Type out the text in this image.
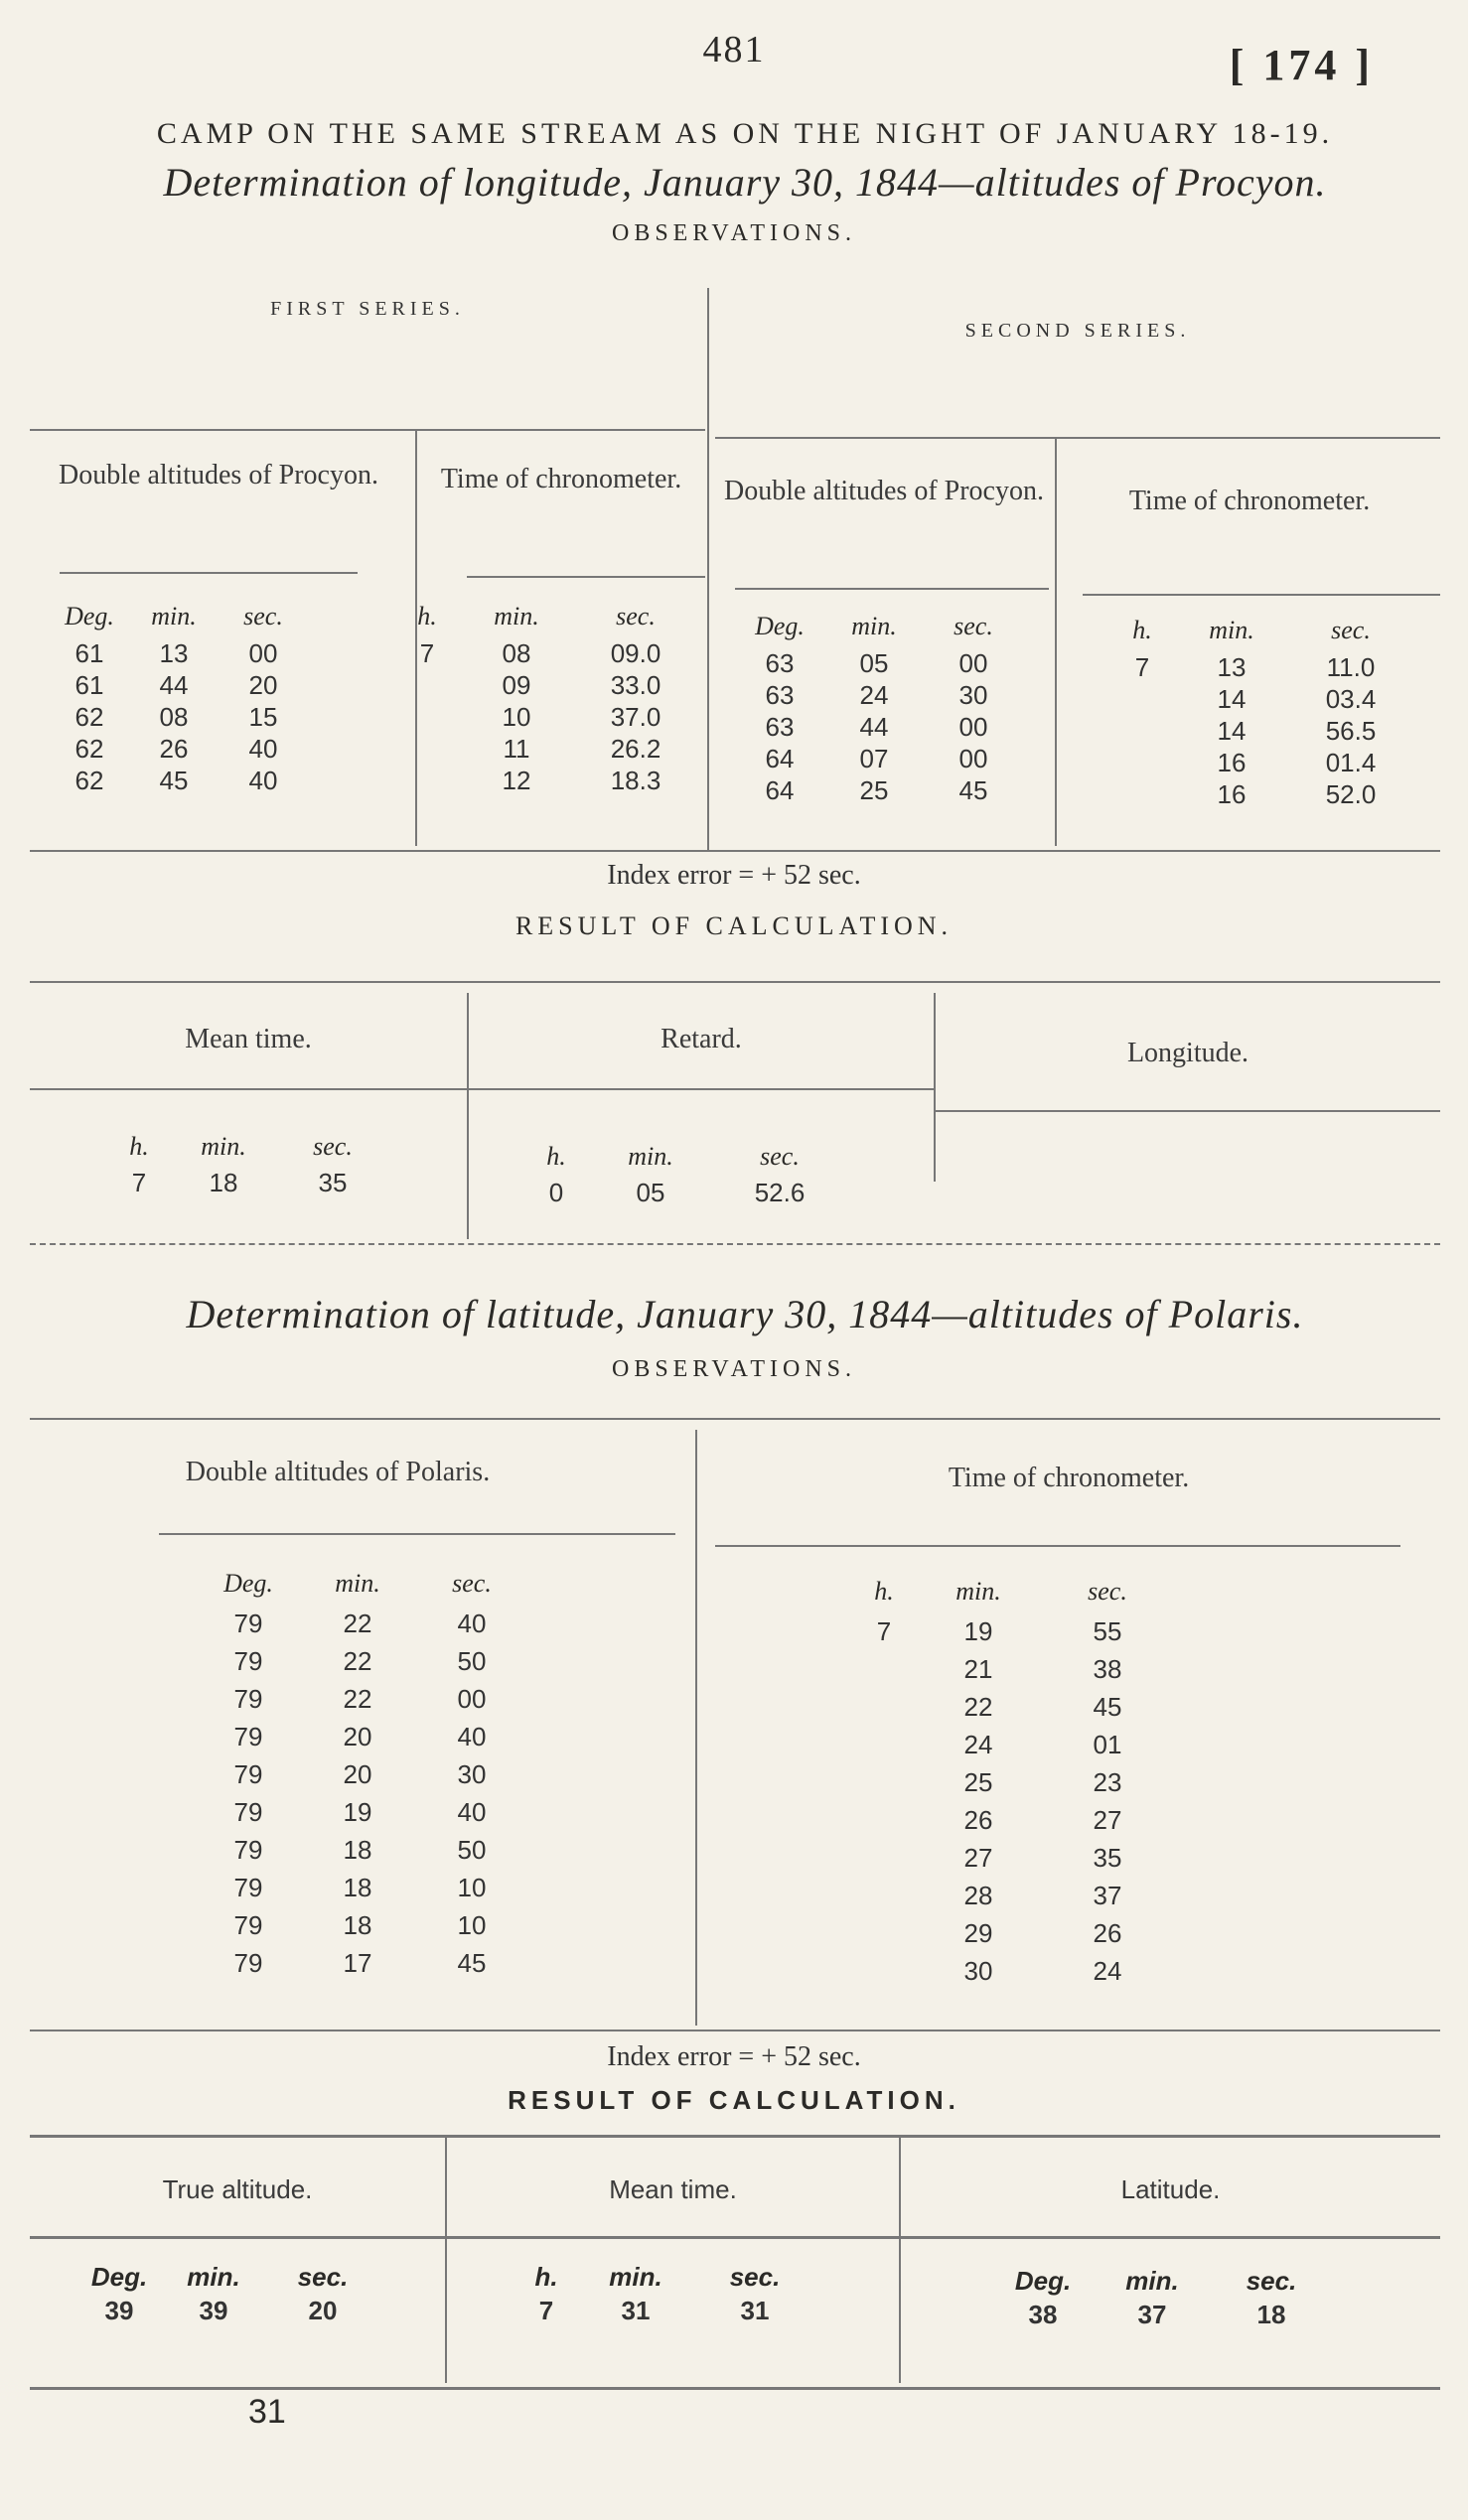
481	[ 174 ]
CAMP ON THE SAME STREAM AS ON THE NIGHT OF JANUARY 18-19.
Determination of longitude, January 30, 1844—altitudes of Procyon.
OBSERVATIONS.
FIRST SERIES.
SECOND SERIES.
Double altitudes of Procyon.	Time of chronometer.	Double altitudes of Procyon.	Time of chronometer.
Deg.	min.	sec.	h.	min.	sec.	Deg.	min.	sec.	h.	min.	sec.
61	13	00
61	44	20
62	08	15
62	26	40
62	45	40
7	08	09.0
09	33.0
10	37.0
11	26.2
12	18.3
63	05	00
63	24	30
63	44	00
64	07	00
64	25	45
7	13	11.0
14	03.4
14	56.5
16	01.4
16	52.0
Index error = + 52 sec.
RESULT OF CALCULATION.
Mean time.	Retard.	Longitude.
h.	min.	sec.
7	18	35
h.	min.	sec.
0	05	52.6
Determination of latitude, January 30, 1844—altitudes of Polaris.
OBSERVATIONS.
Double altitudes of Polaris.	Time of chronometer.
Deg.	min.	sec.	h.	min.	sec.
79	22	40
79	22	50
79	22	00
79	20	40
79	20	30
79	19	40
79	18	50
79	18	10
79	18	10
79	17	45
7	19	55
21	38
22	45
24	01
25	23
26	27
27	35
28	37
29	26
30	24
Index error = + 52 sec.
RESULT OF CALCULATION.
True altitude.	Mean time.	Latitude.
Deg.	min.	sec.
39	39	20
h.	min.	sec.
7	31	31
Deg.	min.	sec.
38	37	18
31
